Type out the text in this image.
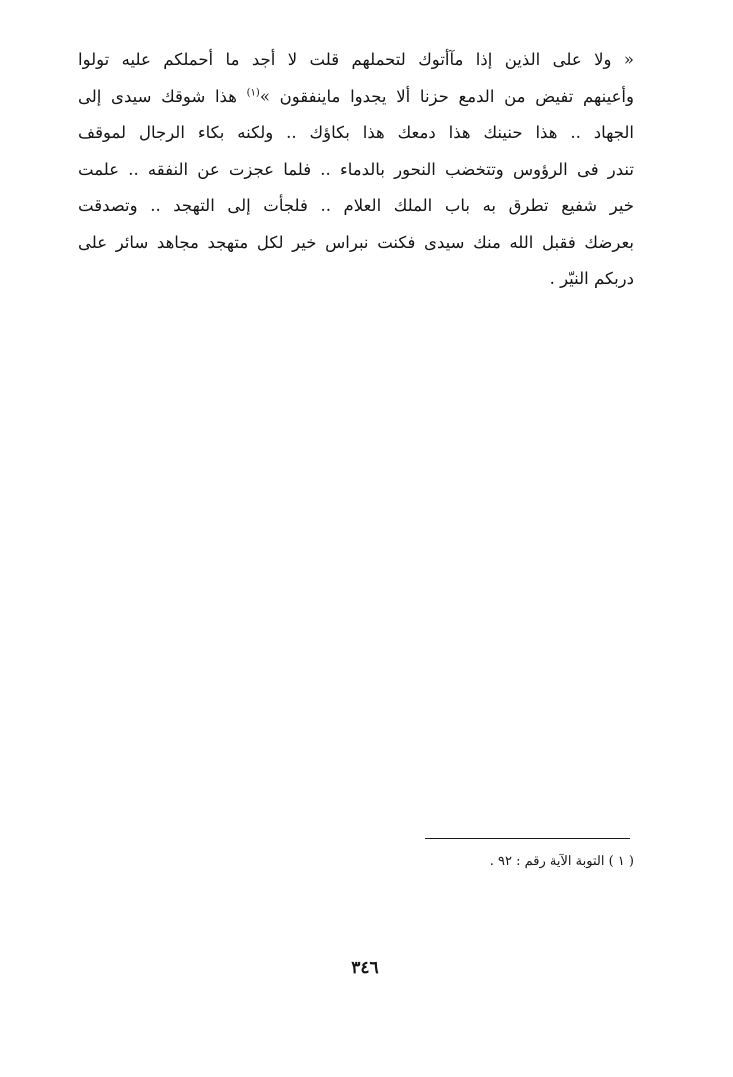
« ولا على الذين إذا مآأتوك لتحملهم قلت لا أجد ما أحملكم عليه تولوا
وأعينهم تفيض من الدمع حزنا ألا يجدوا ماينفقون »$^{(١)}$ هذا شوقك سيدى إلى
الجهاد .. هذا حنينك هذا دمعك هذا بكاؤك .. ولكنه بكاء الرجال لموقف
تندر فى الرؤوس وتتخضب النحور بالدماء .. فلما عجزت عن النفقه .. علمت
خير شفيع تطرق به باب الملك العلام .. فلجأت إلى التهجد .. وتصدقت
بعرضك فقبل الله منك سيدى فكنت نبراس خير لكل متهجد مجاهد سائر على
دربكم النيّر .
( ١ ) التوبة الآية رقم : ٩٢ .
٣٤٦
